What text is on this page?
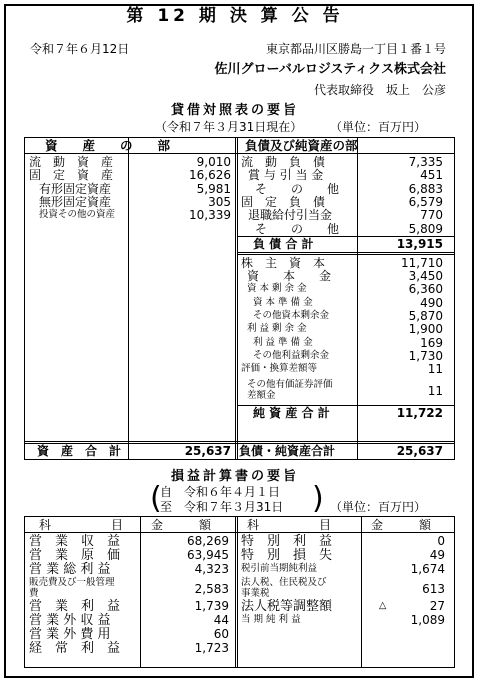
第 12 期 決 算 公 告
令和７年６月12日	東京都品川区勝島一丁目１番１号
佐川グローバルロジスティクス株式会社
代表取締役　坂上　公彦
貸借対照表の要旨
（令和７年３月31日現在） （単位：百万円）
資　　産　　の　　部	負債及び純資産の部
流　動　資　産	9,010
固　定　資　産	16,626
有形固定資産	5,981
無形固定資産	305
投資その他の資産	10,339
流　動　負　債	7,335
賞 与 引 当 金	451
そ　　の　　他	6,883
固　定　負　債	6,579
退職給付引当金	770
そ　　の　　他	5,809
負 債 合 計	13,915
株　主　資　本	11,710
資　　本　　金	3,450
資 本 剰 余 金	6,360
資 本 準 備 金	490
その他資本剰余金	5,870
利 益 剰 余 金	1,900
利 益 準 備 金	169
その他利益剰余金	1,730
評価・換算差額等	11
その他有価証券評価
差額金	11
純 資 産 合 計	11,722
資　産　合　計	25,637 負債・純資産合計	25,637
損益計算書の要旨
自　令和６年４月１日
至　令和７年３月31日	（単位：百万円）
(	)
科　　　　　目 金　　　額	科　　　　　目	金　　　額
営　業　収　益	68,269
営　業　原　価	63,945
営 業 総 利 益	4,323
販売費及び一般管理
費	2,583
営　業　利　益	1,739
営 業 外 収 益	44
営 業 外 費 用	60
経　常　利　益	1,723
特　別　利　益	0
特　別　損　失	49
税引前当期純利益	1,674
法人税、住民税及び
事業税	613
法人税等調整額	△	27
当 期 純 利 益	1,089
